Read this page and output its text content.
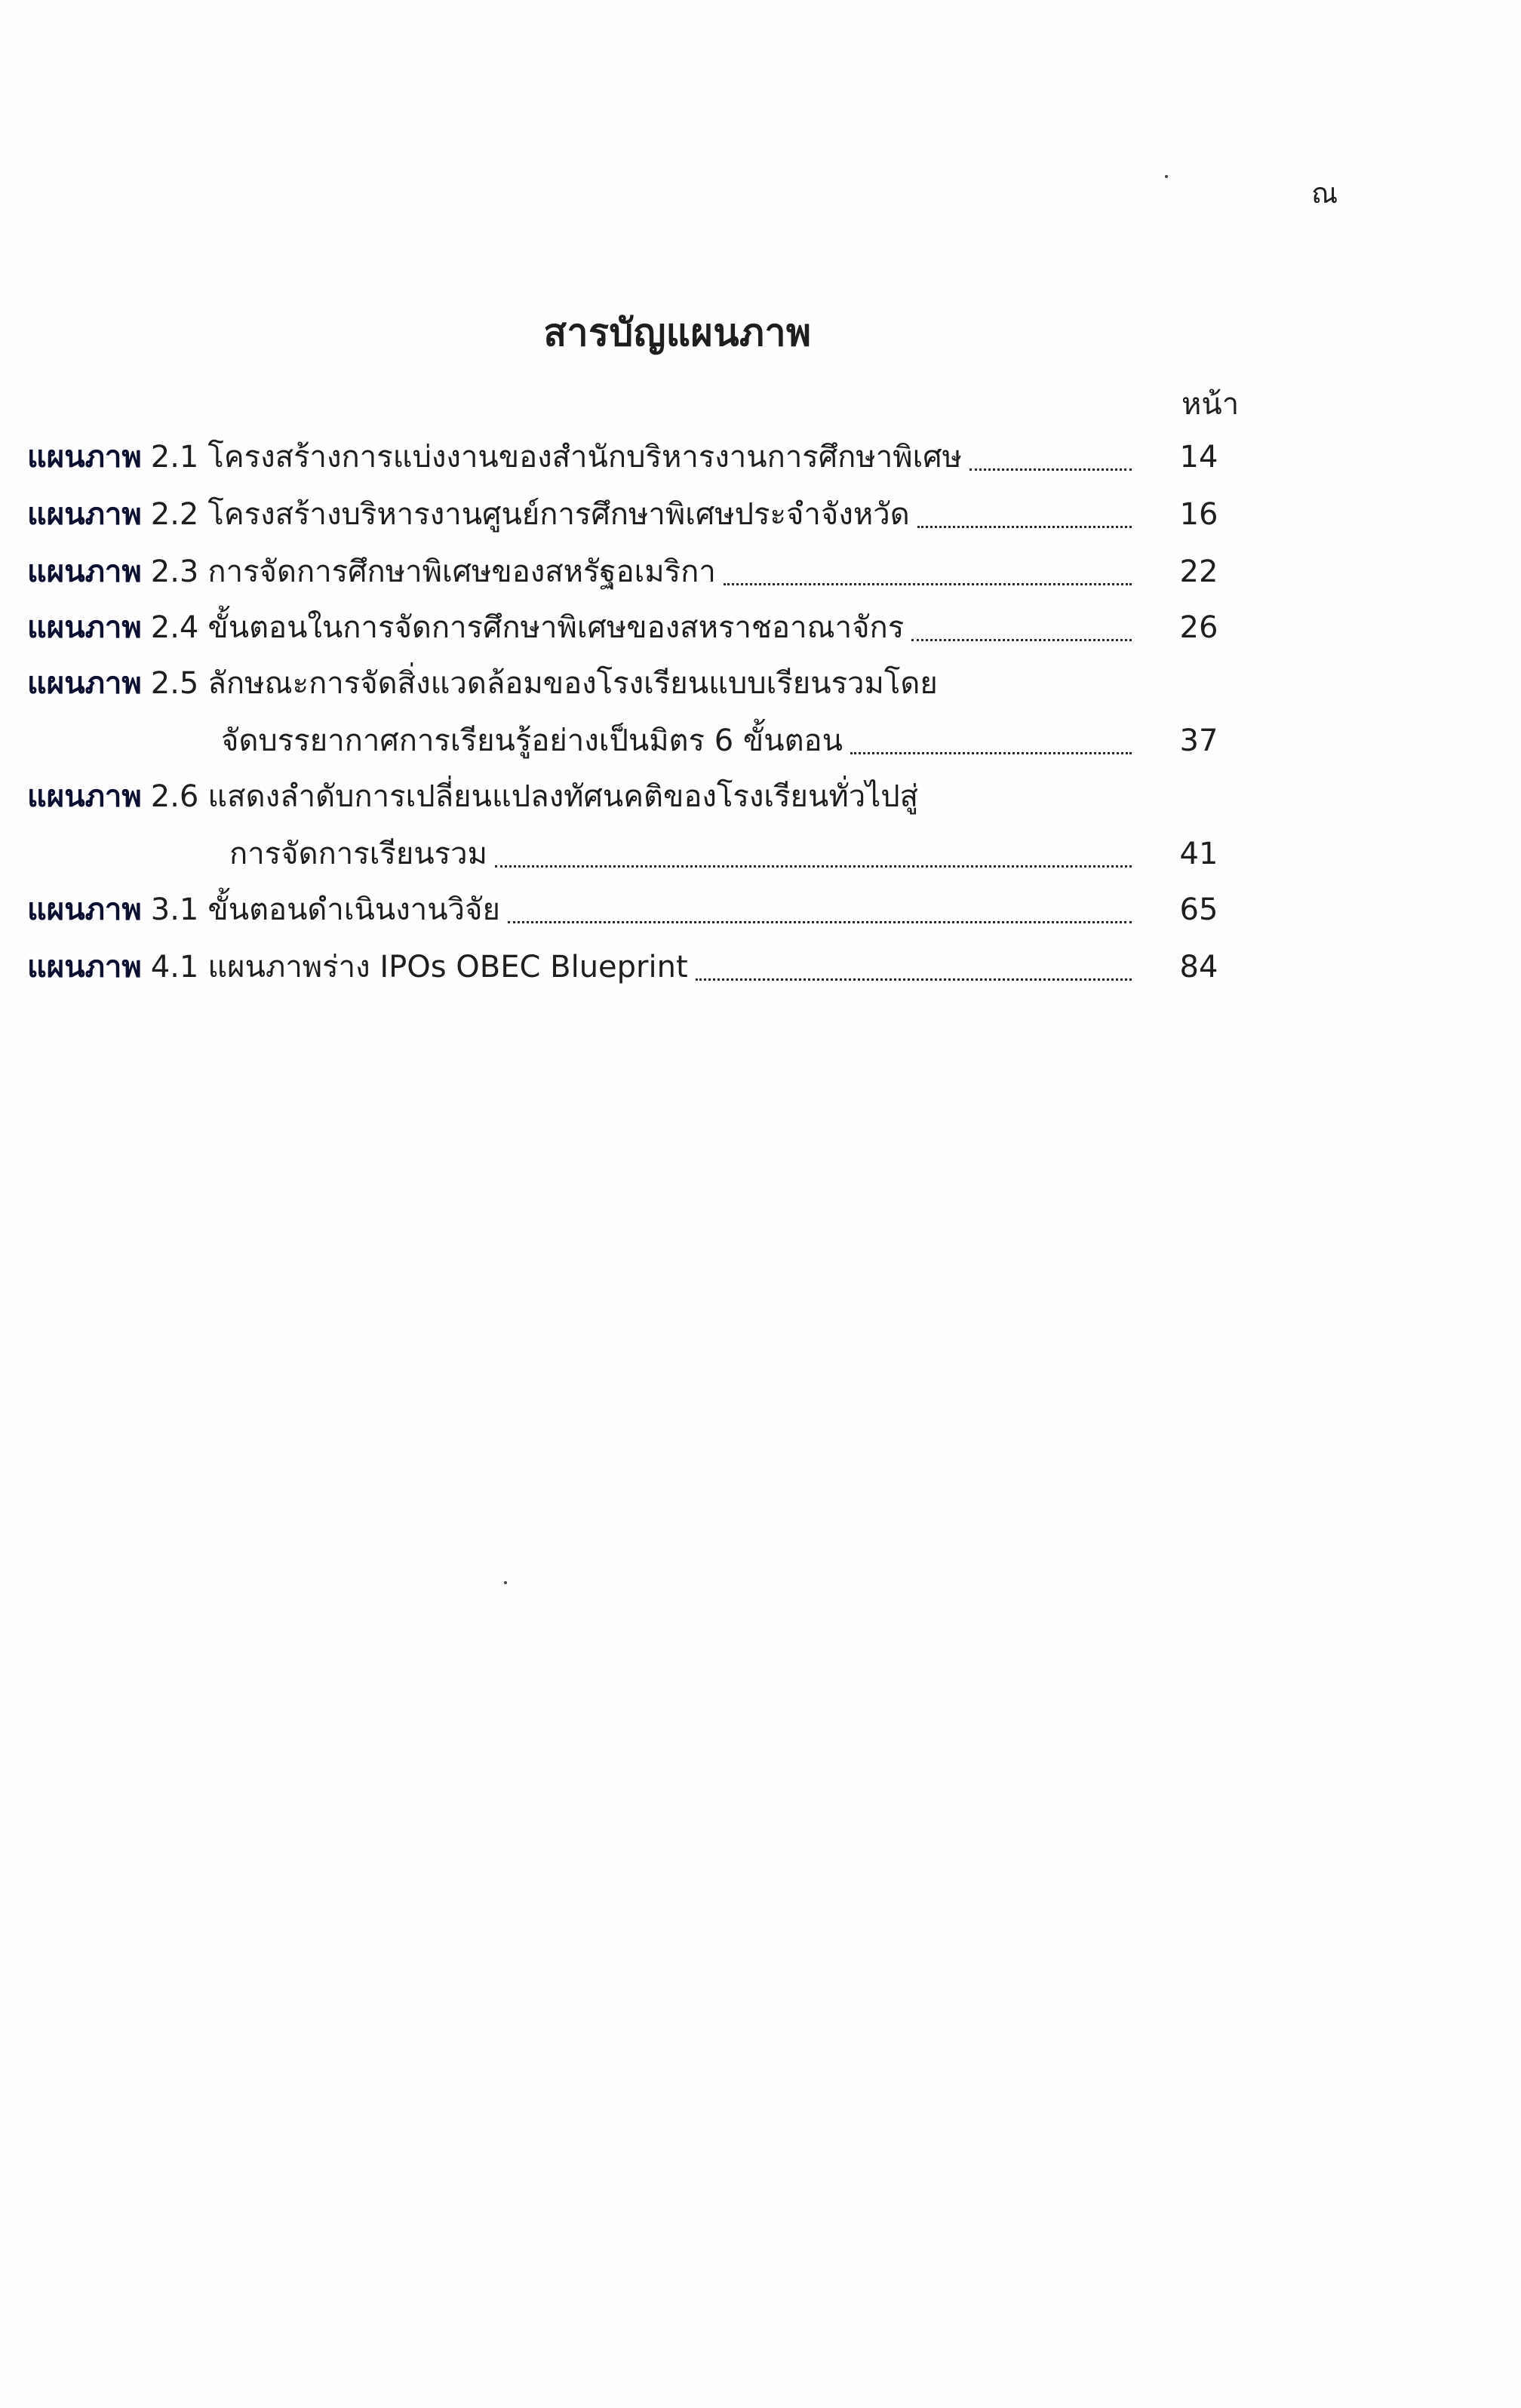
ณ
สารบัญแผนภาพ
หน้า
แผนภาพ 2.1 โครงสร้างการแบ่งงานของสำนักบริหารงานการศึกษาพิเศษ	14
แผนภาพ 2.2 โครงสร้างบริหารงานศูนย์การศึกษาพิเศษประจำจังหวัด	16
แผนภาพ 2.3 การจัดการศึกษาพิเศษของสหรัฐอเมริกา	22
แผนภาพ 2.4 ขั้นตอนในการจัดการศึกษาพิเศษของสหราชอาณาจักร	26
แผนภาพ 2.5 ลักษณะการจัดสิ่งแวดล้อมของโรงเรียนแบบเรียนรวมโดย
จัดบรรยากาศการเรียนรู้อย่างเป็นมิตร 6 ขั้นตอน	37
แผนภาพ 2.6 แสดงลำดับการเปลี่ยนแปลงทัศนคติของโรงเรียนทั่วไปสู่
การจัดการเรียนรวม	41
แผนภาพ 3.1 ขั้นตอนดำเนินงานวิจัย	65
แผนภาพ 4.1 แผนภาพร่าง IPOs OBEC Blueprint	84
